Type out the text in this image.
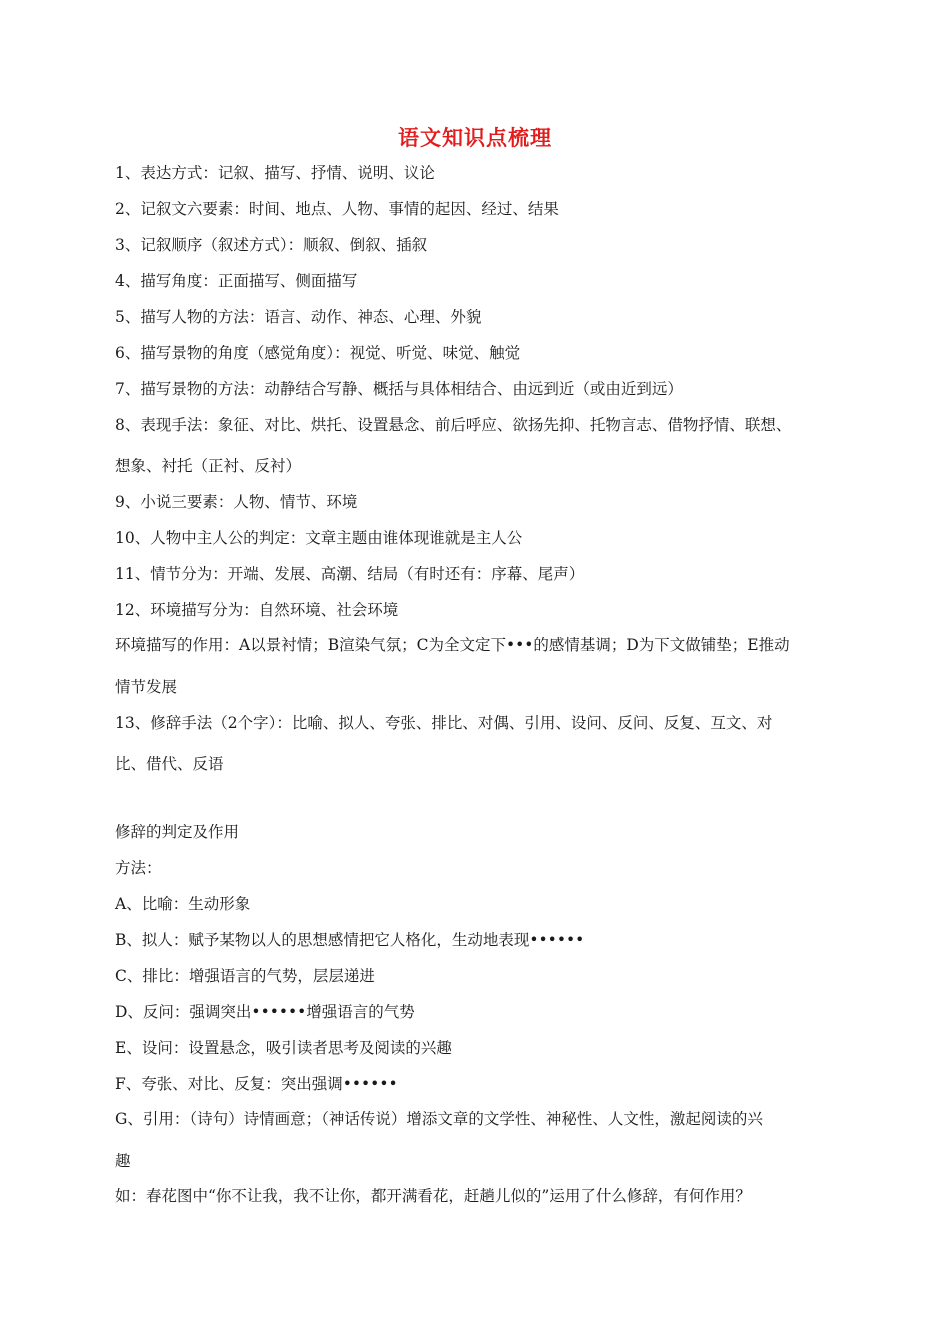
语文知识点梳理
1、表达方式：记叙、描写、抒情、说明、议论
2、记叙文六要素：时间、地点、人物、事情的起因、经过、结果
3、记叙顺序（叙述方式）：顺叙、倒叙、插叙
4、描写角度：正面描写、侧面描写
5、描写人物的方法：语言、动作、神态、心理、外貌
6、描写景物的角度（感觉角度）：视觉、听觉、味觉、触觉
7、描写景物的方法：动静结合写静、概括与具体相结合、由远到近（或由近到远）
8、表现手法：象征、对比、烘托、设置悬念、前后呼应、欲扬先抑、托物言志、借物抒情、联想、
想象、衬托（正衬、反衬）
9、小说三要素：人物、情节、环境
10、人物中主人公的判定：文章主题由谁体现谁就是主人公
11、情节分为：开端、发展、高潮、结局（有时还有：序幕、尾声）
12、环境描写分为：自然环境、社会环境
环境描写的作用：A以景衬情；B渲染气氛；C为全文定下•••的感情基调；D为下文做铺垫；E推动
情节发展
13、修辞手法（2个字）：比喻、拟人、夸张、排比、对偶、引用、设问、反问、反复、互文、对
比、借代、反语
修辞的判定及作用
方法：
A、比喻：生动形象
B、拟人：赋予某物以人的思想感情把它人格化，生动地表现••••••
C、排比：增强语言的气势，层层递进
D、反问：强调突出••••••增强语言的气势
E、设问：设置悬念，吸引读者思考及阅读的兴趣
F、夸张、对比、反复：突出强调••••••
G、引用：（诗句）诗情画意；（神话传说）增添文章的文学性、神秘性、人文性，激起阅读的兴
趣
如：春花图中“你不让我，我不让你，都开满看花，赶趟儿似的”运用了什么修辞，有何作用？
